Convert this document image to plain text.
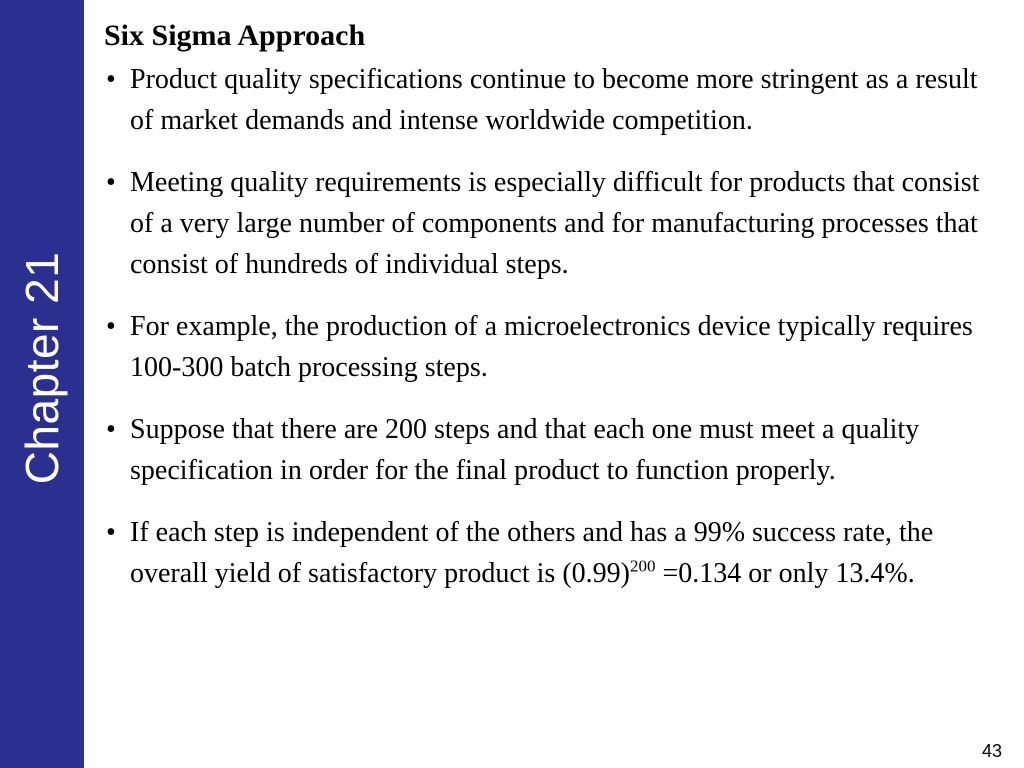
Chapter 21
Six Sigma Approach
• Product quality specifications continue to become more stringent as a result of market demands and intense worldwide competition.
• Meeting quality requirements is especially difficult for products that consist of a very large number of components and for manufacturing processes that consist of hundreds of individual steps.
• For example, the production of a microelectronics device typically requires 100-300 batch processing steps.
• Suppose that there are 200 steps and that each one must meet a quality specification in order for the final product to function properly.
• If each step is independent of the others and has a 99% success rate, the overall yield of satisfactory product is $(0.99)^{200} =0.134$ or only 13.4%.
43
